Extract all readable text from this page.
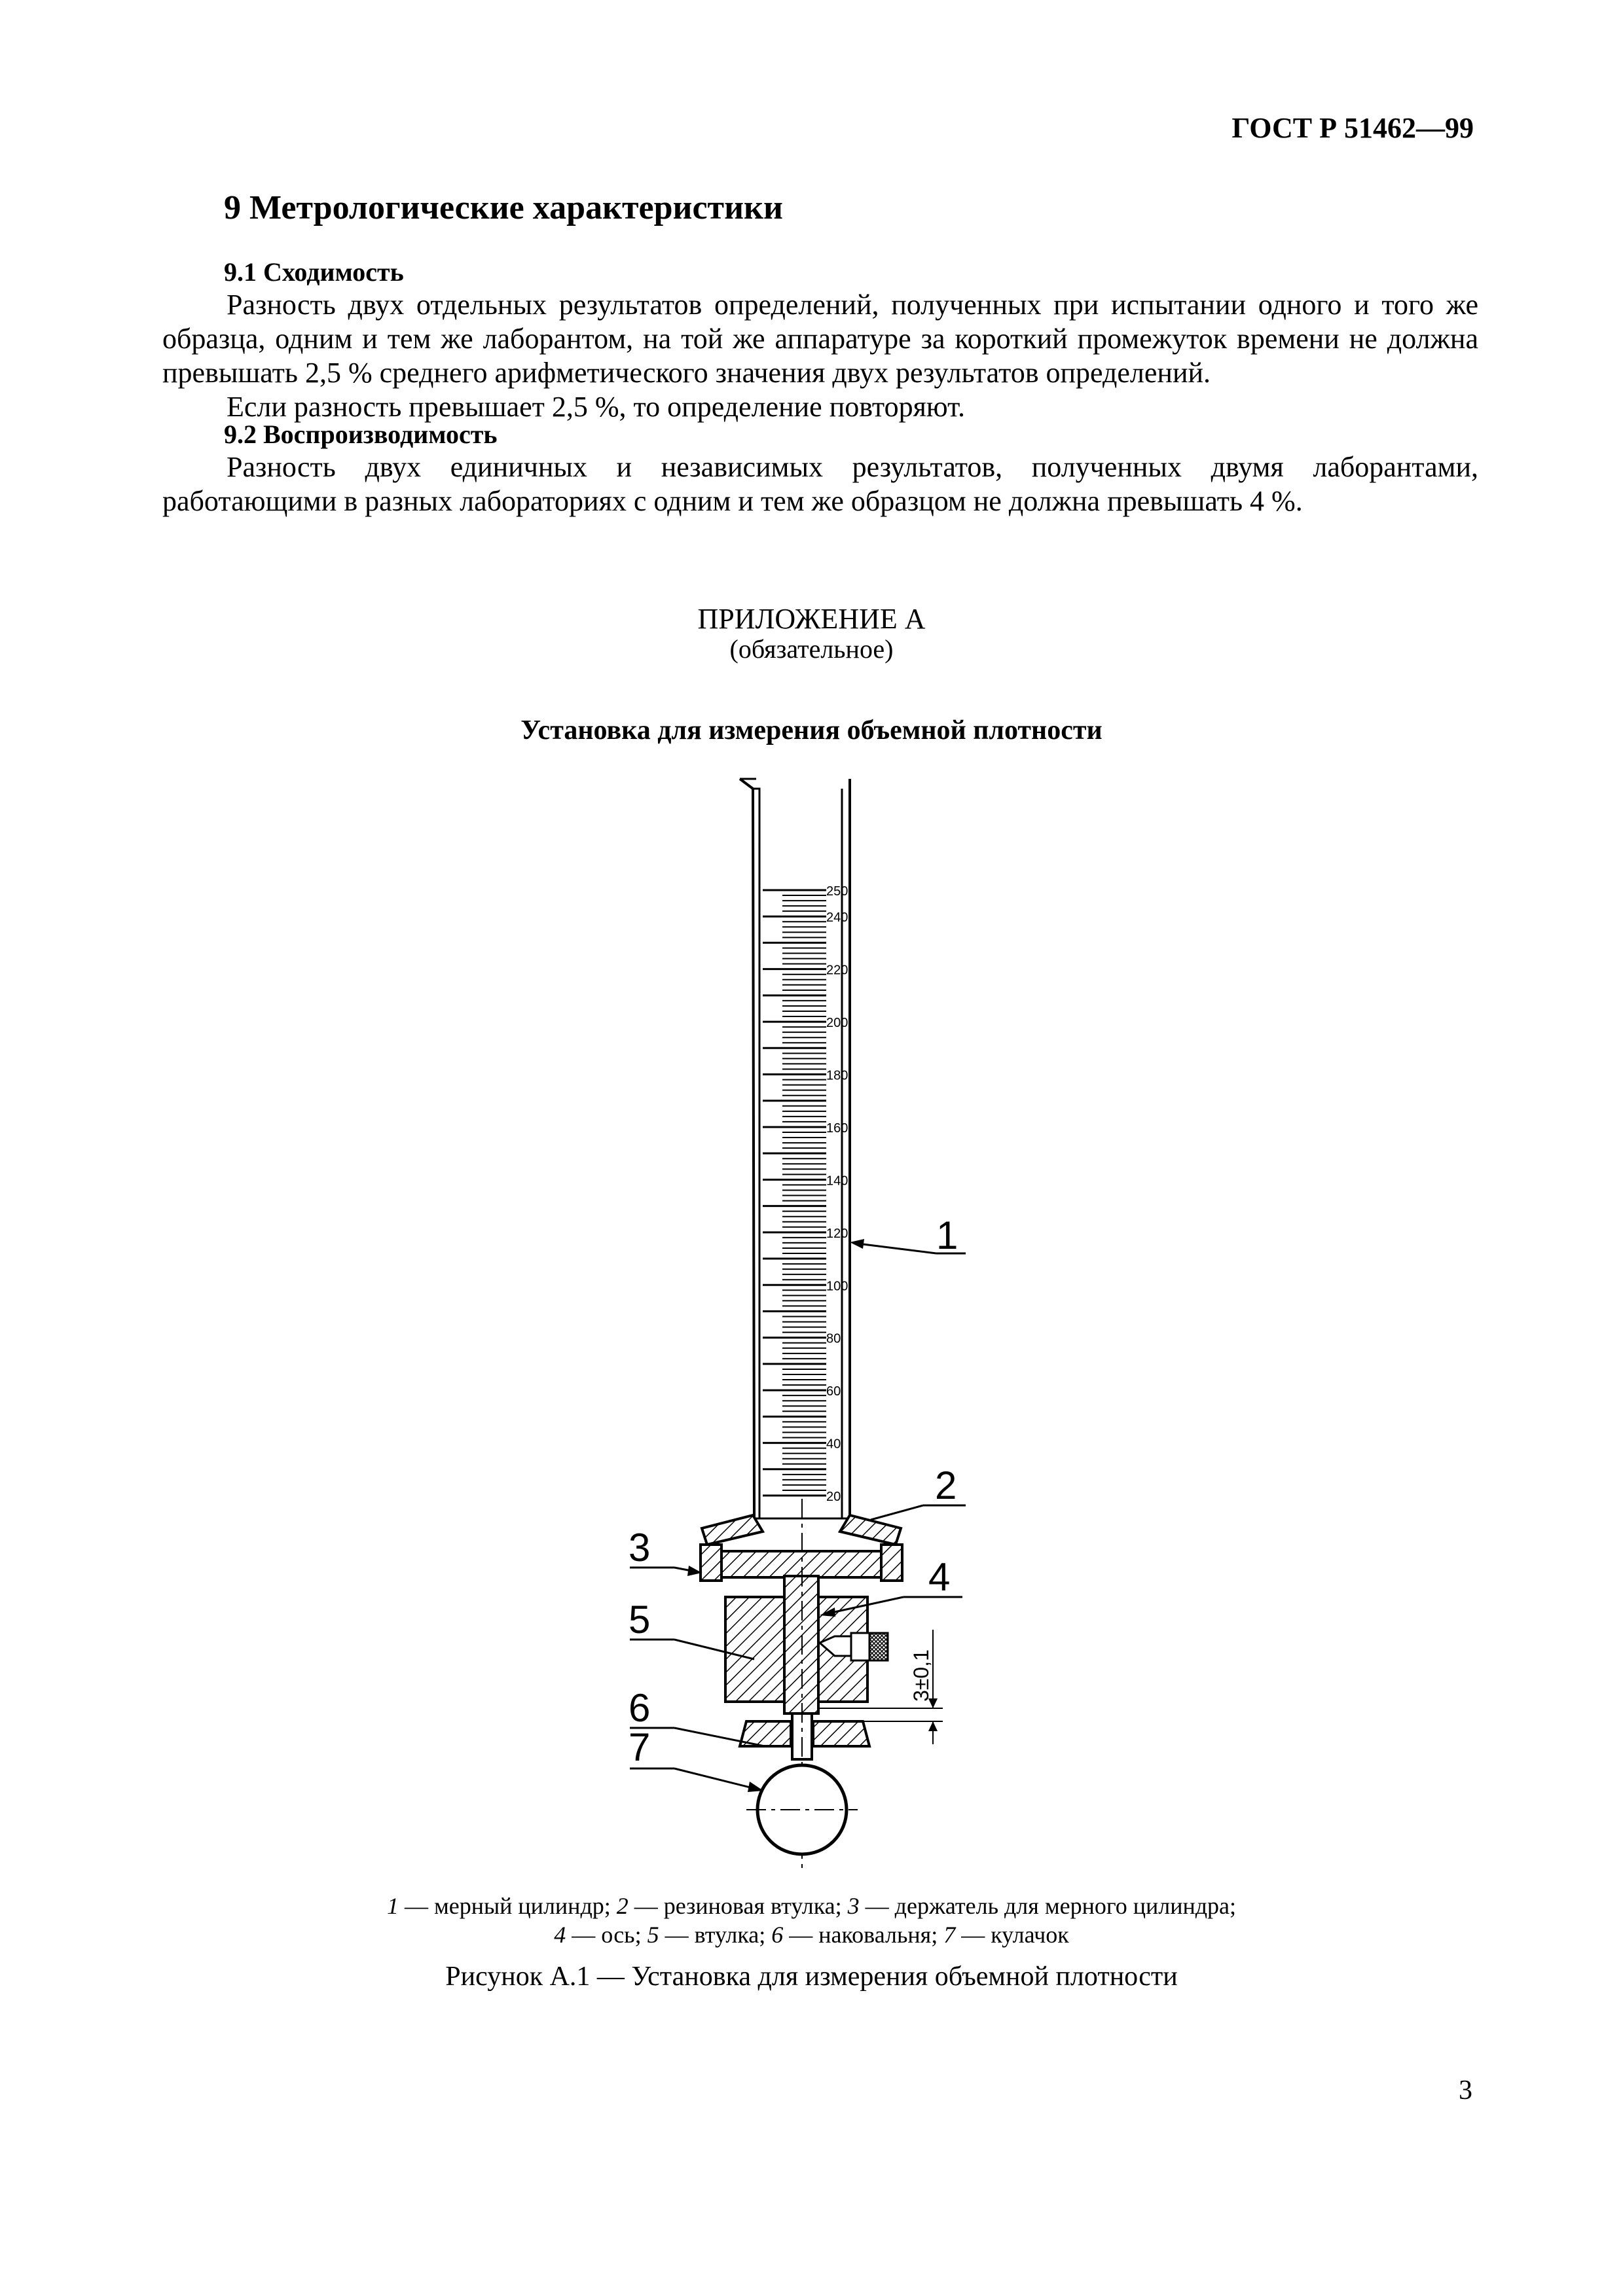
ГОСТ Р 51462—99
9 Метрологические характеристики
9.1 Сходимость
Разность двух отдельных результатов определений, полученных при испытании одного и того же образца, одним и тем же лаборантом, на той же аппаратуре за короткий промежуток времени не должна превышать 2,5 % среднего арифметического значения двух результатов определений.
Если разность превышает 2,5 %, то определение повторяют.
9.2 Воспроизводимость
Разность двух единичных и независимых результатов, полученных двумя лаборантами, работающими в разных лабораториях с одним и тем же образцом не должна превышать 4 %.
ПРИЛОЖЕНИЕ А
(обязательное)
Установка для измерения объемной плотности
250
240
220
200
180
160
140
120
100
80
60
40
20
3±0,1
1
2
3
4
5
6
7
1 — мерный цилиндр; 2 — резиновая втулка; 3 — держатель для мерного цилиндра;
4 — ось; 5 — втулка; 6 — наковальня; 7 — кулачок
Рисунок А.1 — Установка для измерения объемной плотности
3
